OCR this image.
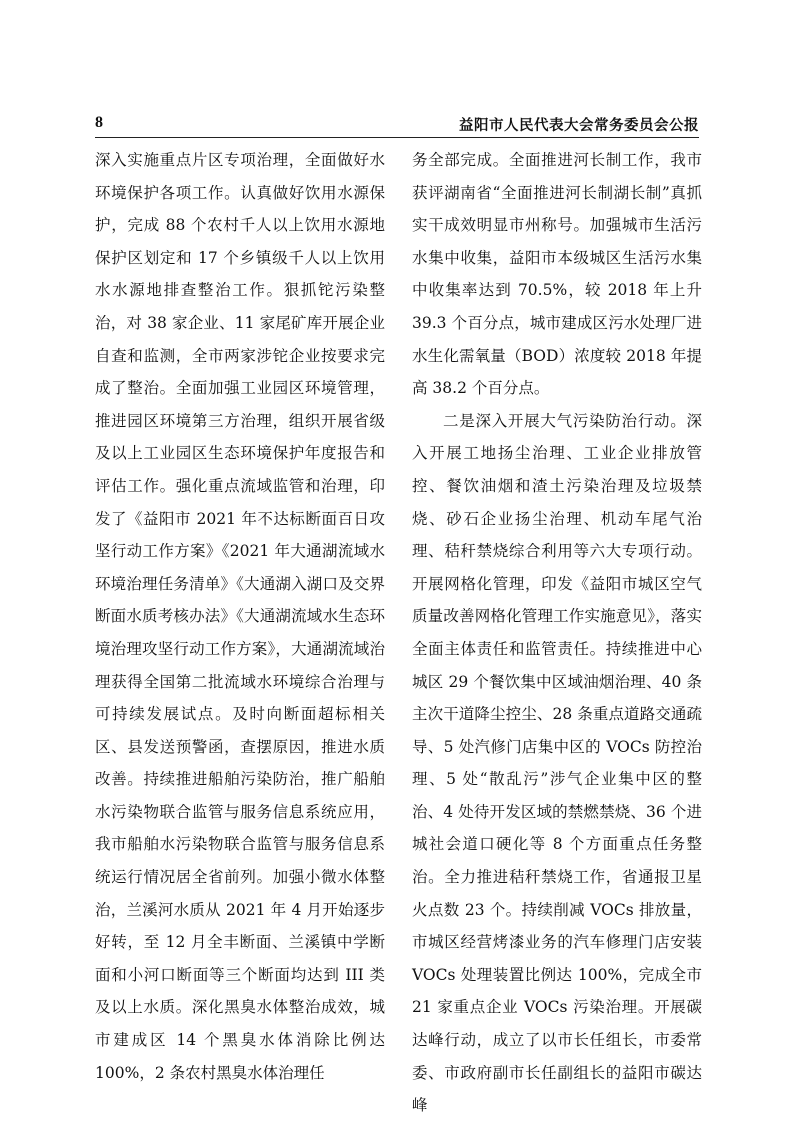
8	益阳市人民代表大会常务委员会公报

深入实施重点片区专项治理，全面做好水环境保护各项工作。认真做好饮用水源保护，完成 88 个农村千人以上饮用水源地保护区划定和 17 个乡镇级千人以上饮用水水源地排查整治工作。狠抓铊污染整治，对 38 家企业、11 家尾矿库开展企业自查和监测，全市两家涉铊企业按要求完成了整治。全面加强工业园区环境管理，推进园区环境第三方治理，组织开展省级及以上工业园区生态环境保护年度报告和评估工作。强化重点流域监管和治理，印发了《益阳市 2021 年不达标断面百日攻坚行动工作方案》《2021 年大通湖流域水环境治理任务清单》《大通湖入湖口及交界断面水质考核办法》《大通湖流域水生态环境治理攻坚行动工作方案》，大通湖流域治理获得全国第二批流域水环境综合治理与可持续发展试点。及时向断面超标相关区、县发送预警函，查摆原因，推进水质改善。持续推进船舶污染防治，推广船舶水污染物联合监管与服务信息系统应用，我市船舶水污染物联合监管与服务信息系统运行情况居全省前列。加强小微水体整治，兰溪河水质从 2021 年 4 月开始逐步好转，至 12 月全丰断面、兰溪镇中学断面和小河口断面等三个断面均达到 III 类及以上水质。深化黑臭水体整治成效，城市建成区 14 个黑臭水体消除比例达 100%，2 条农村黑臭水体治理任

务全部完成。全面推进河长制工作，我市获评湖南省“全面推进河长制湖长制”真抓实干成效明显市州称号。加强城市生活污水集中收集，益阳市本级城区生活污水集中收集率达到 70.5%，较 2018 年上升 39.3 个百分点，城市建成区污水处理厂进水生化需氧量（BOD）浓度较 2018 年提高 38.2 个百分点。

二是深入开展大气污染防治行动。深入开展工地扬尘治理、工业企业排放管控、餐饮油烟和渣土污染治理及垃圾禁烧、砂石企业扬尘治理、机动车尾气治理、秸秆禁烧综合利用等六大专项行动。开展网格化管理，印发《益阳市城区空气质量改善网格化管理工作实施意见》，落实全面主体责任和监管责任。持续推进中心城区 29 个餐饮集中区域油烟治理、40 条主次干道降尘控尘、28 条重点道路交通疏导、5 处汽修门店集中区的 VOCs 防控治理、5 处“散乱污”涉气企业集中区的整治、4 处待开发区域的禁燃禁烧、36 个进城社会道口硬化等 8 个方面重点任务整治。全力推进秸秆禁烧工作，省通报卫星火点数 23 个。持续削减 VOCs 排放量，市城区经营烤漆业务的汽车修理门店安装 VOCs 处理装置比例达 100%，完成全市 21 家重点企业 VOCs 污染治理。开展碳达峰行动，成立了以市长任组长，市委常委、市政府副市长任副组长的益阳市碳达峰
